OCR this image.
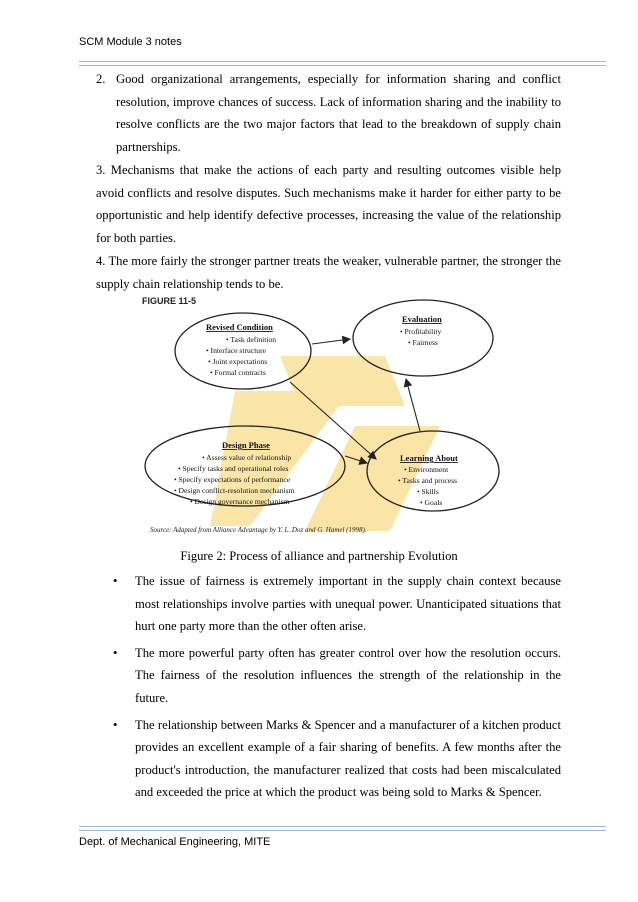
SCM Module 3 notes
2. Good organizational arrangements, especially for information sharing and conflict resolution, improve chances of success. Lack of information sharing and the inability to resolve conflicts are the two major factors that lead to the breakdown of supply chain partnerships.
3. Mechanisms that make the actions of each party and resulting outcomes visible help avoid conflicts and resolve disputes. Such mechanisms make it harder for either party to be opportunistic and help identify defective processes, increasing the value of the relationship for both parties.
4. The more fairly the stronger partner treats the weaker, vulnerable partner, the stronger the supply chain relationship tends to be.
FIGURE 11-5
Revised Condition
• Task definition
• Interface structure
• Joint expectations
• Formal contracts
Evaluation
• Profitability
• Fairness
Design Phase
• Assess value of relationship
• Specify tasks and operational roles
• Specify expectations of performance
• Design conflict-resolution mechanism
• Design governance mechanism
Learning About
• Environment
• Tasks and process
• Skills
• Goals
Source: Adapted from Alliance Advantage by Y. L. Doz and G. Hamel (1998).
Figure 2: Process of alliance and partnership Evolution
• The issue of fairness is extremely important in the supply chain context because most relationships involve parties with unequal power. Unanticipated situations that hurt one party more than the other often arise.
• The more powerful party often has greater control over how the resolution occurs. The fairness of the resolution influences the strength of the relationship in the future.
• The relationship between Marks & Spencer and a manufacturer of a kitchen product provides an excellent example of a fair sharing of benefits. A few months after the product's introduction, the manufacturer realized that costs had been miscalculated and exceeded the price at which the product was being sold to Marks & Spencer.
Dept. of Mechanical Engineering, MITE
